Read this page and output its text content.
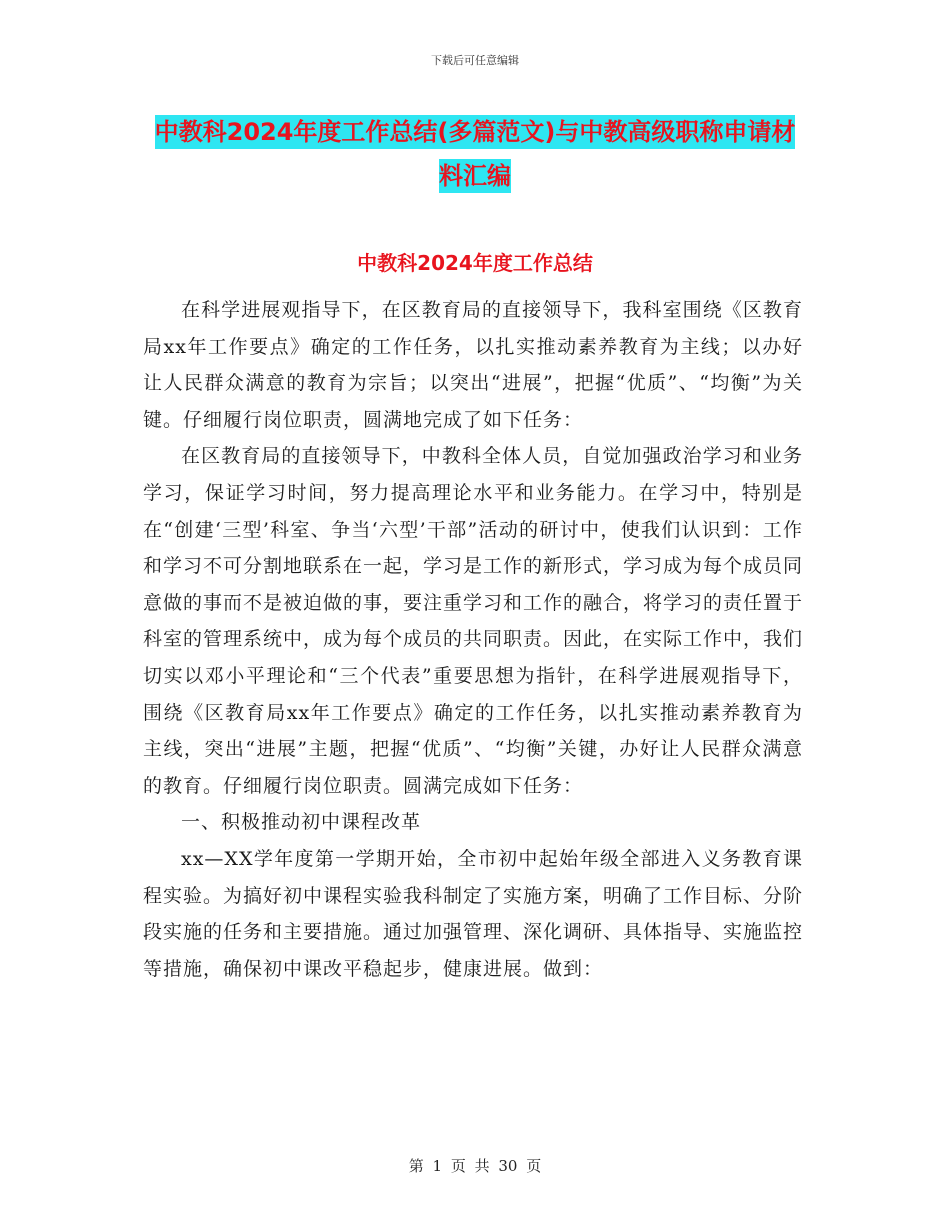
下载后可任意编辑
中教科2024年度工作总结(多篇范文)与中教高级职称申请材料汇编
中教科2024年度工作总结

在科学进展观指导下，在区教育局的直接领导下，我科室围绕《区教育局xx年工作要点》确定的工作任务，以扎实推动素养教育为主线；以办好让人民群众满意的教育为宗旨；以突出“进展”，把握“优质”、“均衡”为关键。仔细履行岗位职责，圆满地完成了如下任务：

在区教育局的直接领导下，中教科全体人员，自觉加强政治学习和业务学习，保证学习时间，努力提高理论水平和业务能力。在学习中，特别是在“创建‘三型’科室、争当‘六型’干部”活动的研讨中，使我们认识到：工作和学习不可分割地联系在一起，学习是工作的新形式，学习成为每个成员同意做的事而不是被迫做的事，要注重学习和工作的融合，将学习的责任置于科室的管理系统中，成为每个成员的共同职责。因此，在实际工作中，我们切实以邓小平理论和“三个代表”重要思想为指针，在科学进展观指导下，围绕《区教育局xx年工作要点》确定的工作任务，以扎实推动素养教育为主线，突出“进展”主题，把握“优质”、“均衡”关键，办好让人民群众满意的教育。仔细履行岗位职责。圆满完成如下任务：

一、积极推动初中课程改革

xx—XX学年度第一学期开始，全市初中起始年级全部进入义务教育课程实验。为搞好初中课程实验我科制定了实施方案，明确了工作目标、分阶段实施的任务和主要措施。通过加强管理、深化调研、具体指导、实施监控等措施，确保初中课改平稳起步，健康进展。做到：

第 1 页 共 30 页
